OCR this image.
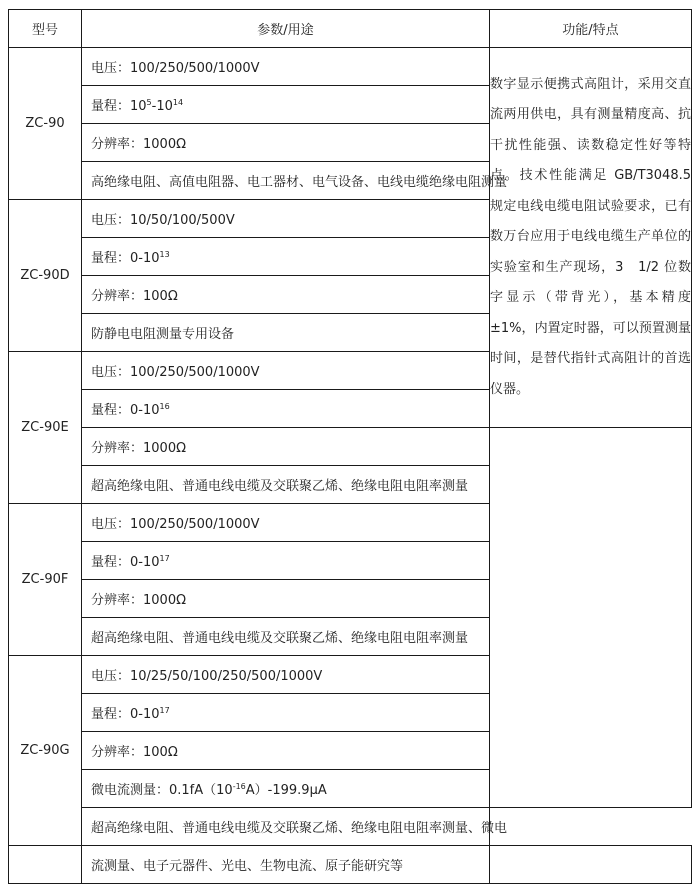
型号	参数/用途	功能/特点
ZC-90	电压：100/250/500/1000V	数字显示便携式高阻计，采用交直流两用供电，具有测量精度高、抗干扰性能强、读数稳定性好等特点。技术性能满足 GB/T3048.5 规定电线电缆电阻试验要求，已有数万台应用于电线电缆生产单位的实验室和生产现场，3　1/2 位数字显示（带背光），基本精度±1%，内置定时器，可以预置测量时间，是替代指针式高阻计的首选仪器。
	量程：$10^5-10^{14}$
	分辨率：1000Ω	
	高绝缘电阻、高值电阻器、电工器材、电气设备、电线电缆绝缘电阻测量	
ZC-90D	电压：10/50/100/500V	
	量程：$0-10^{13}$
	分辨率：100Ω	
	防静电电阻测量专用设备	
ZC-90E	电压：100/250/500/1000V	
	量程：$0-10^{16}$
	分辨率：1000Ω	
	超高绝缘电阻、普通电线电缆及交联聚乙烯、绝缘电阻电阻率测量	
ZC-90F	电压：100/250/500/1000V	
	量程：$0-10^{17}$
	分辨率：1000Ω	
	超高绝缘电阻、普通电线电缆及交联聚乙烯、绝缘电阻电阻率测量	
ZC-90G	电压：10/25/50/100/250/500/1000V	
	量程：$0-10^{17}$
	分辨率：100Ω	
	微电流测量：$0.1fA(10^{-16}A)-199.9\mu A$	
	超高绝缘电阻、普通电线电缆及交联聚乙烯、绝缘电阻电阻率测量、微电	
	流测量、电子元器件、光电、生物电流、原子能研究等	
